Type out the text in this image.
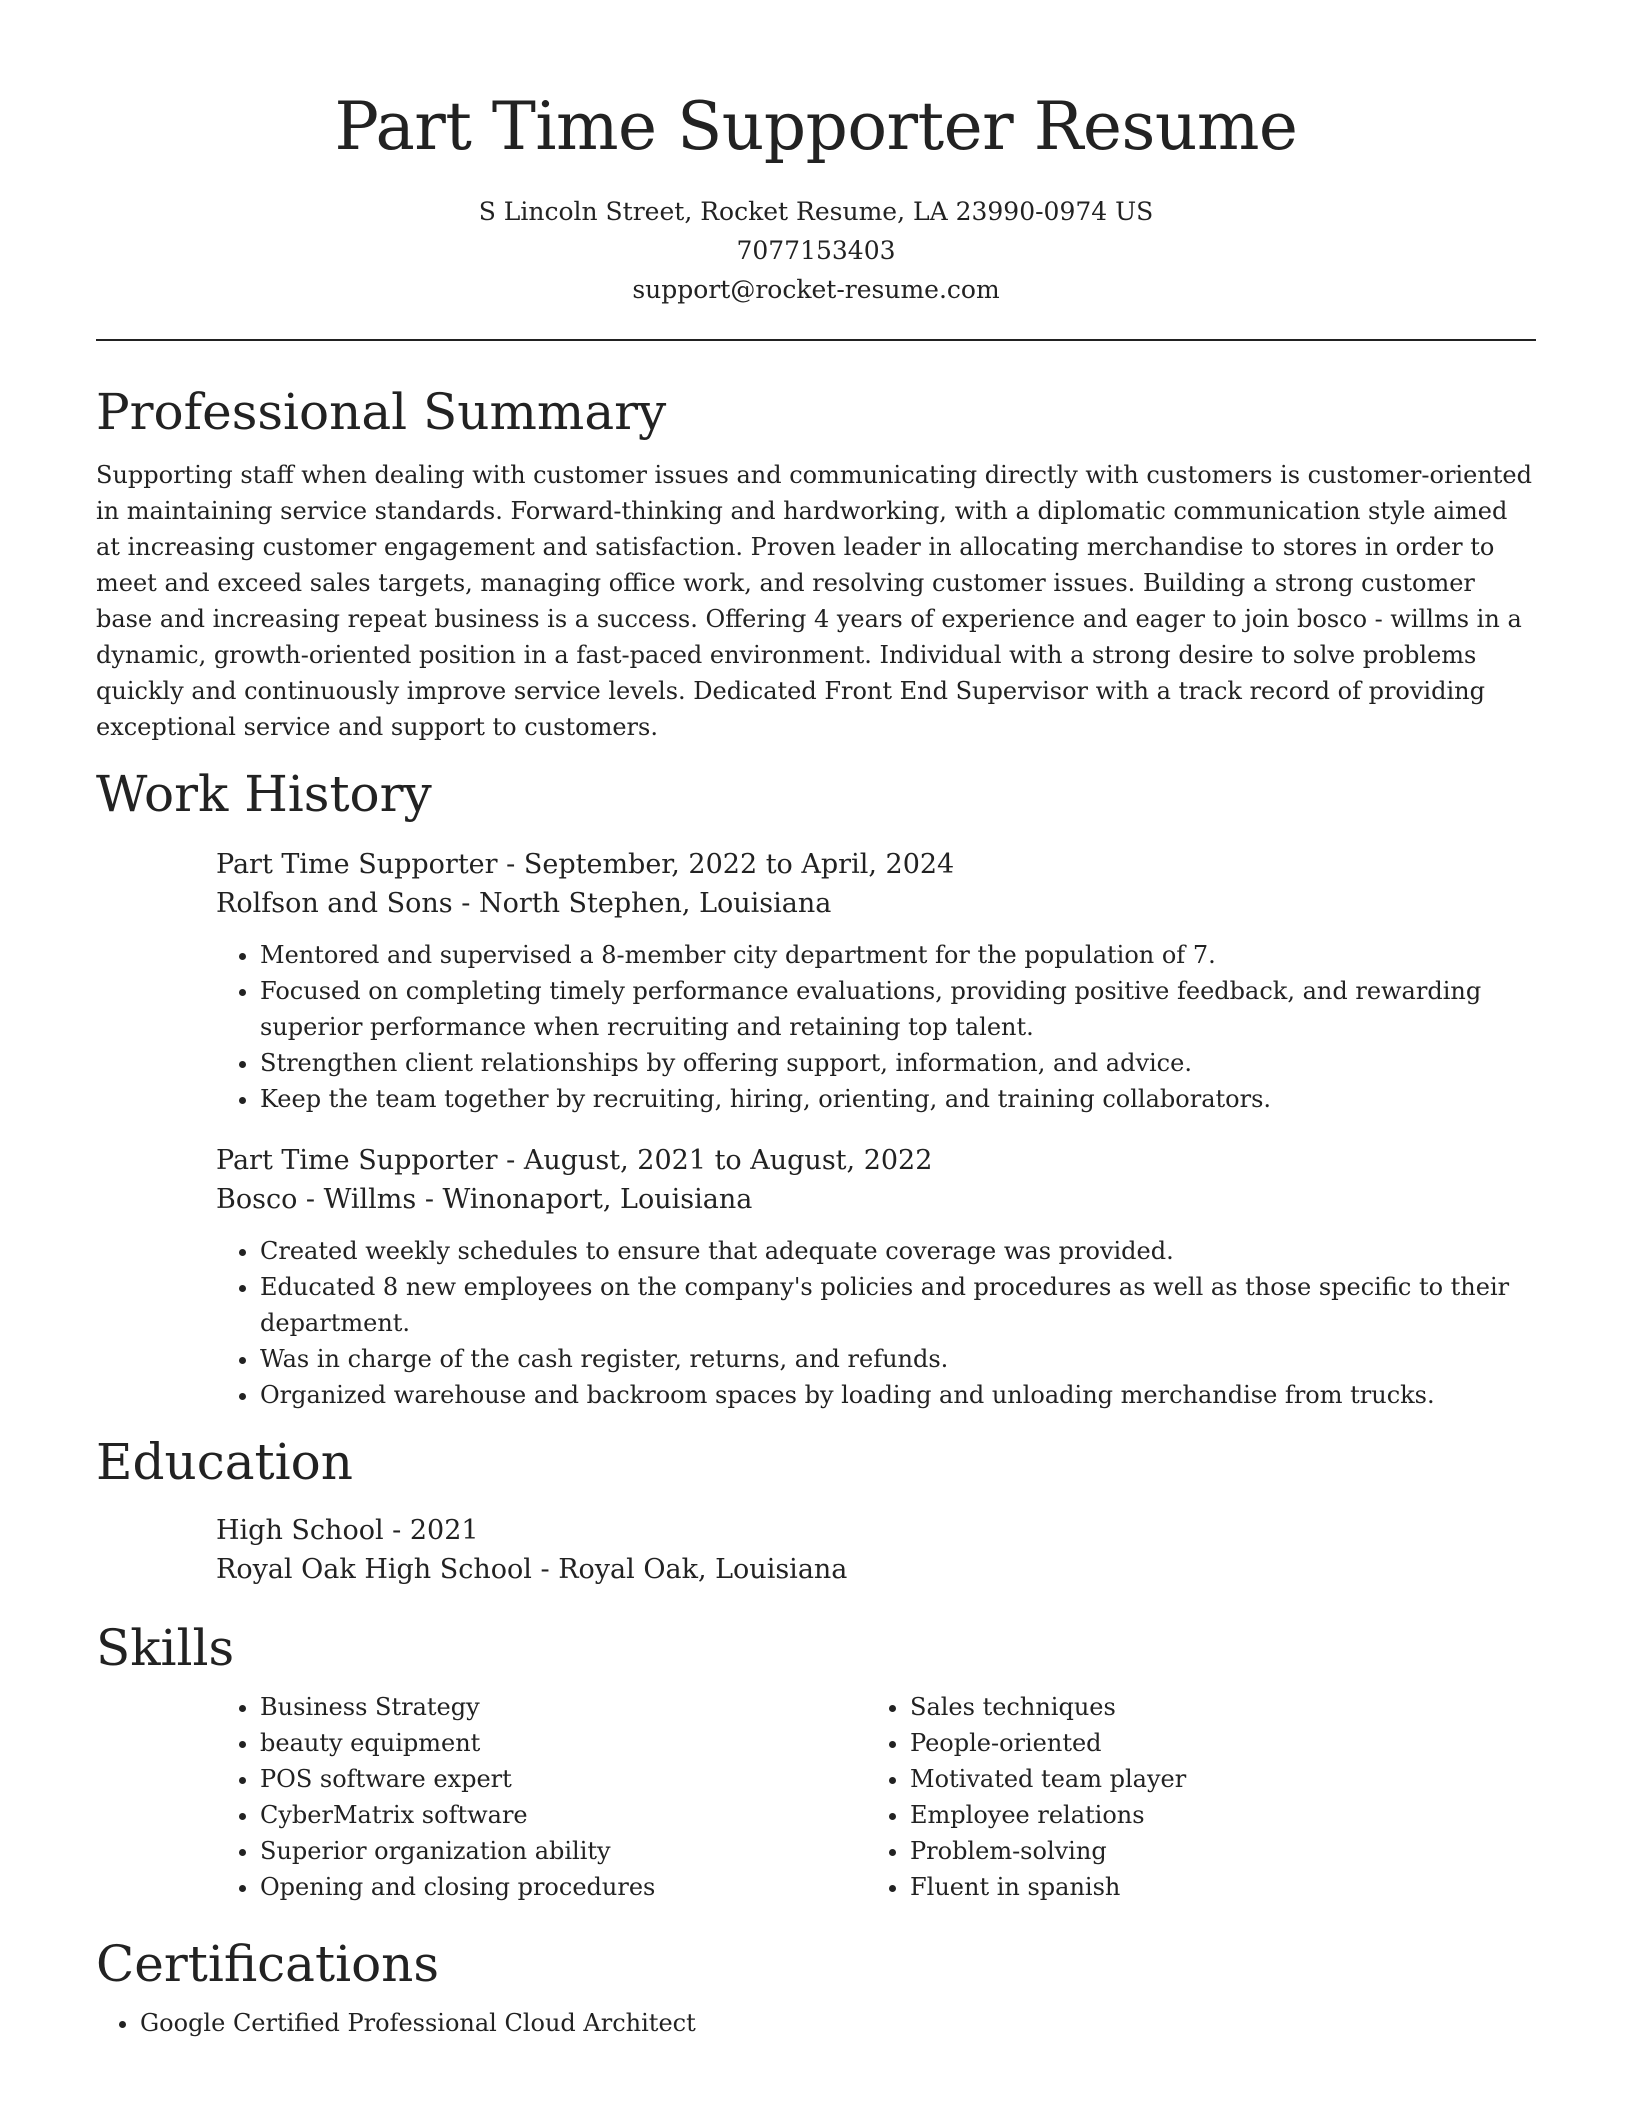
Part Time Supporter Resume
S Lincoln Street, Rocket Resume, LA 23990-0974 US
7077153403
support@rocket-resume.com
Professional Summary

Supporting staff when dealing with customer issues and communicating directly with customers is customer-oriented in maintaining service standards. Forward-thinking and hardworking, with a diplomatic communication style aimed at increasing customer engagement and satisfaction. Proven leader in allocating merchandise to stores in order to meet and exceed sales targets, managing office work, and resolving customer issues. Building a strong customer base and increasing repeat business is a success. Offering 4 years of experience and eager to join bosco - willms in a dynamic, growth-oriented position in a fast-paced environment. Individual with a strong desire to solve problems quickly and continuously improve service levels. Dedicated Front End Supervisor with a track record of providing exceptional service and support to customers.

Work History
Part Time Supporter - September, 2022 to April, 2024
Rolfson and Sons - North Stephen, Louisiana
• Mentored and supervised a 8-member city department for the population of 7.
• Focused on completing timely performance evaluations, providing positive feedback, and rewarding superior performance when recruiting and retaining top talent.
• Strengthen client relationships by offering support, information, and advice.
• Keep the team together by recruiting, hiring, orienting, and training collaborators.
Part Time Supporter - August, 2021 to August, 2022
Bosco - Willms - Winonaport, Louisiana
• Created weekly schedules to ensure that adequate coverage was provided.
• Educated 8 new employees on the company's policies and procedures as well as those specific to their department.
• Was in charge of the cash register, returns, and refunds.
• Organized warehouse and backroom spaces by loading and unloading merchandise from trucks.
Education
High School - 2021
Royal Oak High School - Royal Oak, Louisiana
Skills
• Business Strategy
• beauty equipment
• POS software expert
• CyberMatrix software
• Superior organization ability
• Opening and closing procedures
• Sales techniques
• People-oriented
• Motivated team player
• Employee relations
• Problem-solving
• Fluent in spanish
Certifications
• Google Certified Professional Cloud Architect
